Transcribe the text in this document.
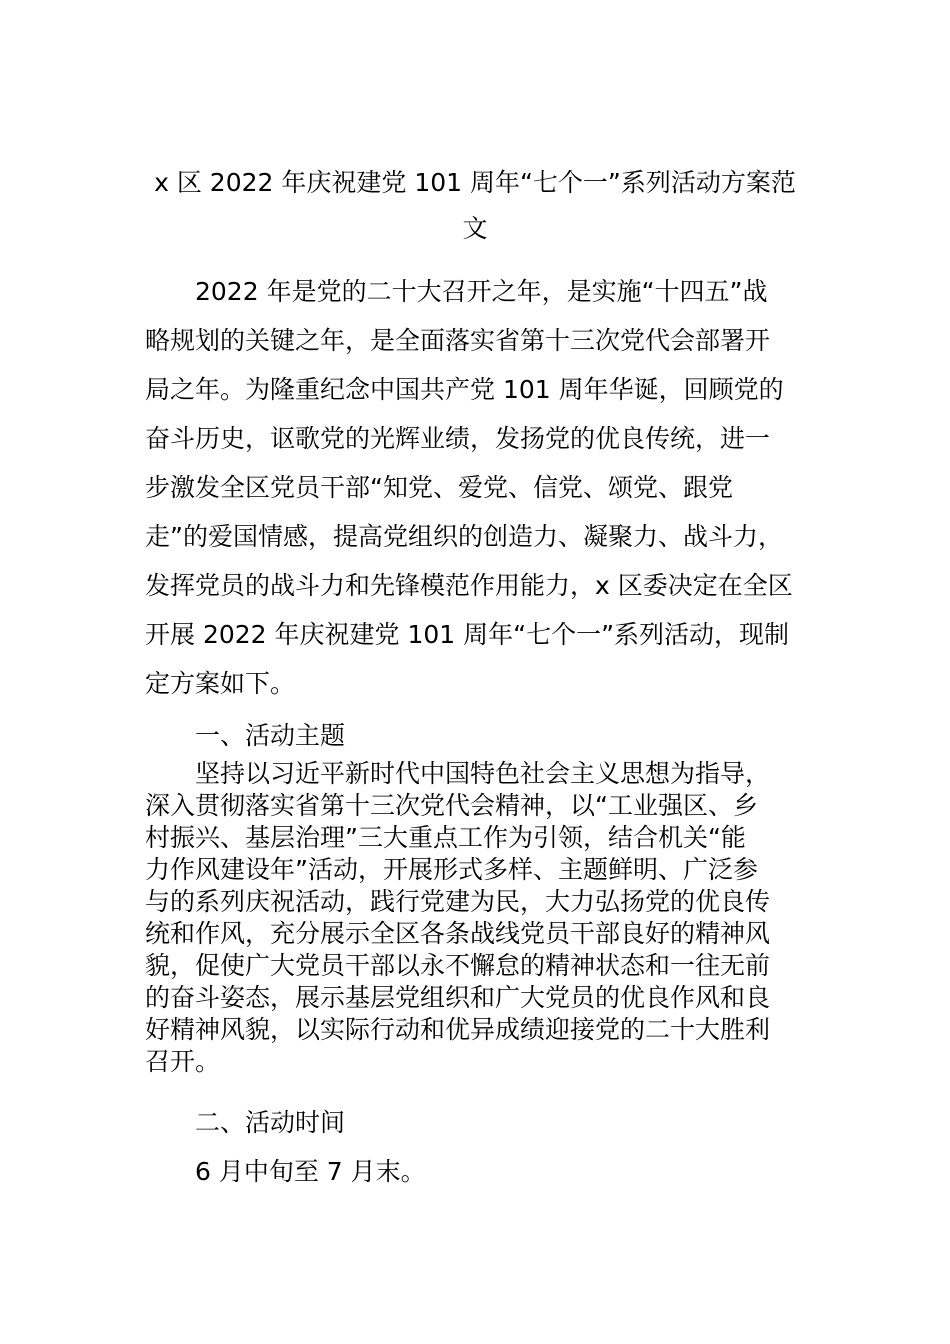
x 区 2022 年庆祝建党 101 周年“七个一”系列活动方案范
文
2022 年是党的二十大召开之年，是实施“十四五”战
略规划的关键之年，是全面落实省第十三次党代会部署开
局之年。为隆重纪念中国共产党 101 周年华诞，回顾党的
奋斗历史，讴歌党的光辉业绩，发扬党的优良传统，进一
步激发全区党员干部“知党、爱党、信党、颂党、跟党
走”的爱国情感，提高党组织的创造力、凝聚力、战斗力，
发挥党员的战斗力和先锋模范作用能力，x 区委决定在全区
开展 2022 年庆祝建党 101 周年“七个一”系列活动，现制
定方案如下。
一、活动主题
坚持以习近平新时代中国特色社会主义思想为指导，
深入贯彻落实省第十三次党代会精神，以“工业强区、乡
村振兴、基层治理”三大重点工作为引领，结合机关“能
力作风建设年”活动，开展形式多样、主题鲜明、广泛参
与的系列庆祝活动，践行党建为民，大力弘扬党的优良传
统和作风，充分展示全区各条战线党员干部良好的精神风
貌，促使广大党员干部以永不懈怠的精神状态和一往无前
的奋斗姿态，展示基层党组织和广大党员的优良作风和良
好精神风貌，以实际行动和优异成绩迎接党的二十大胜利
召开。
二、活动时间
6 月中旬至 7 月末。
